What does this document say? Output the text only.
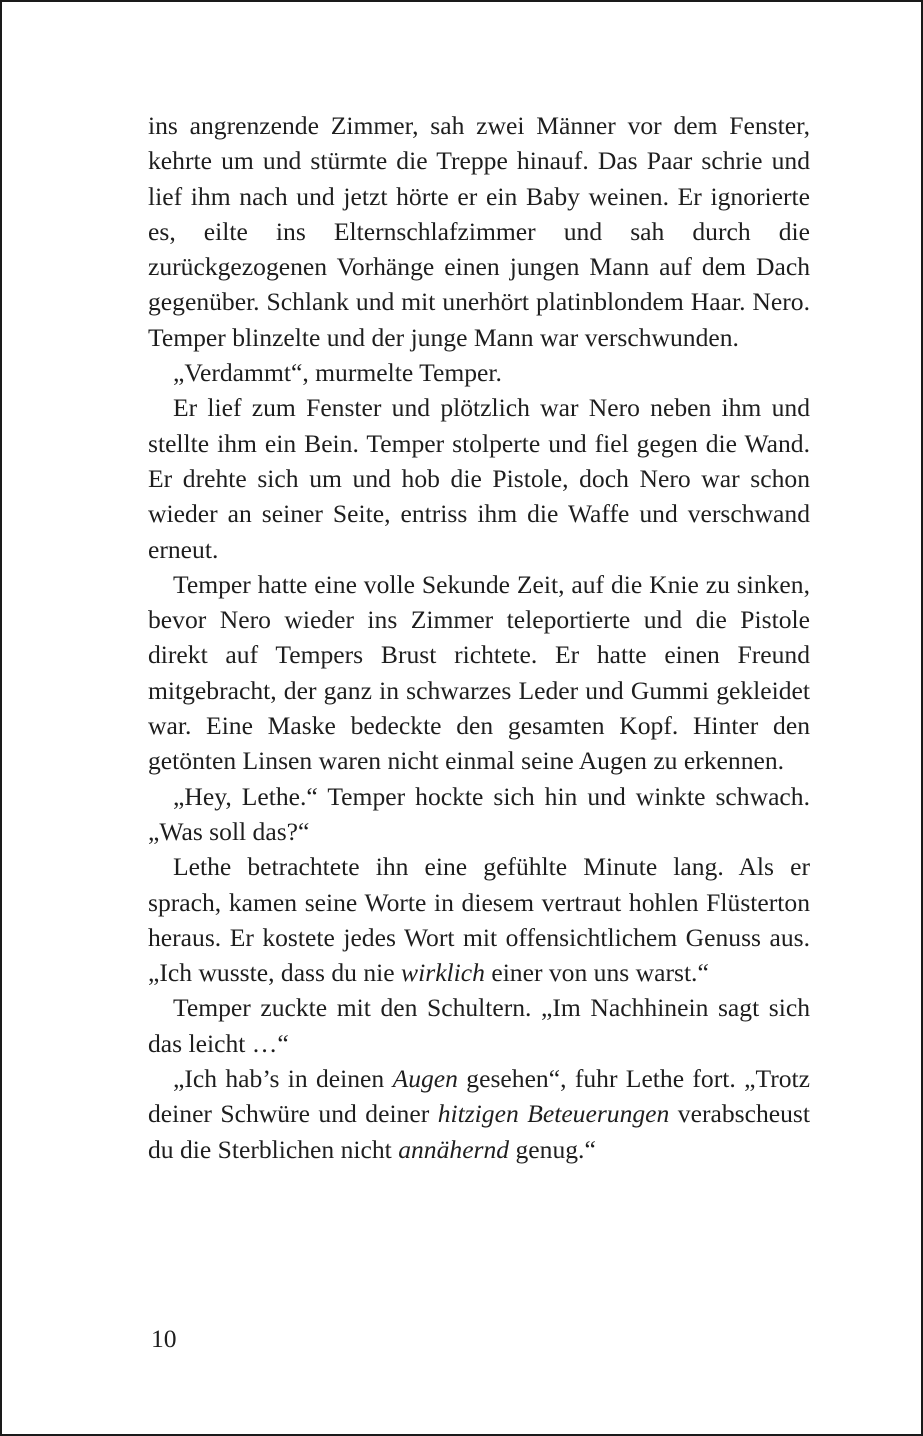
ins angrenzende Zimmer, sah zwei Männer vor dem Fenster, kehrte um und stürmte die Treppe hinauf. Das Paar schrie und lief ihm nach und jetzt hörte er ein Baby weinen. Er ignorierte es, eilte ins Elternschlafzimmer und sah durch die zurückgezogenen Vorhänge einen jungen Mann auf dem Dach gegenüber. Schlank und mit unerhört platinblondem Haar. Nero. Temper blinzelte und der junge Mann war verschwunden.

„Verdammt“, murmelte Temper.

Er lief zum Fenster und plötzlich war Nero neben ihm und stellte ihm ein Bein. Temper stolperte und fiel gegen die Wand. Er drehte sich um und hob die Pistole, doch Nero war schon wieder an seiner Seite, entriss ihm die Waffe und verschwand erneut.

Temper hatte eine volle Sekunde Zeit, auf die Knie zu sinken, bevor Nero wieder ins Zimmer teleportierte und die Pistole direkt auf Tempers Brust richtete. Er hatte einen Freund mitgebracht, der ganz in schwarzes Leder und Gummi gekleidet war. Eine Maske bedeckte den gesamten Kopf. Hinter den getönten Linsen waren nicht einmal seine Augen zu erkennen.

„Hey, Lethe.“ Temper hockte sich hin und winkte schwach. „Was soll das?“

Lethe betrachtete ihn eine gefühlte Minute lang. Als er sprach, kamen seine Worte in diesem vertraut hohlen Flüsterton heraus. Er kostete jedes Wort mit offensichtlichem Genuss aus. „Ich wusste, dass du nie wirklich einer von uns warst.“

Temper zuckte mit den Schultern. „Im Nachhinein sagt sich das leicht …“

„Ich hab’s in deinen Augen gesehen“, fuhr Lethe fort. „Trotz deiner Schwüre und deiner hitzigen Beteuerungen verabscheust du die Sterblichen nicht annähernd genug.“

10
